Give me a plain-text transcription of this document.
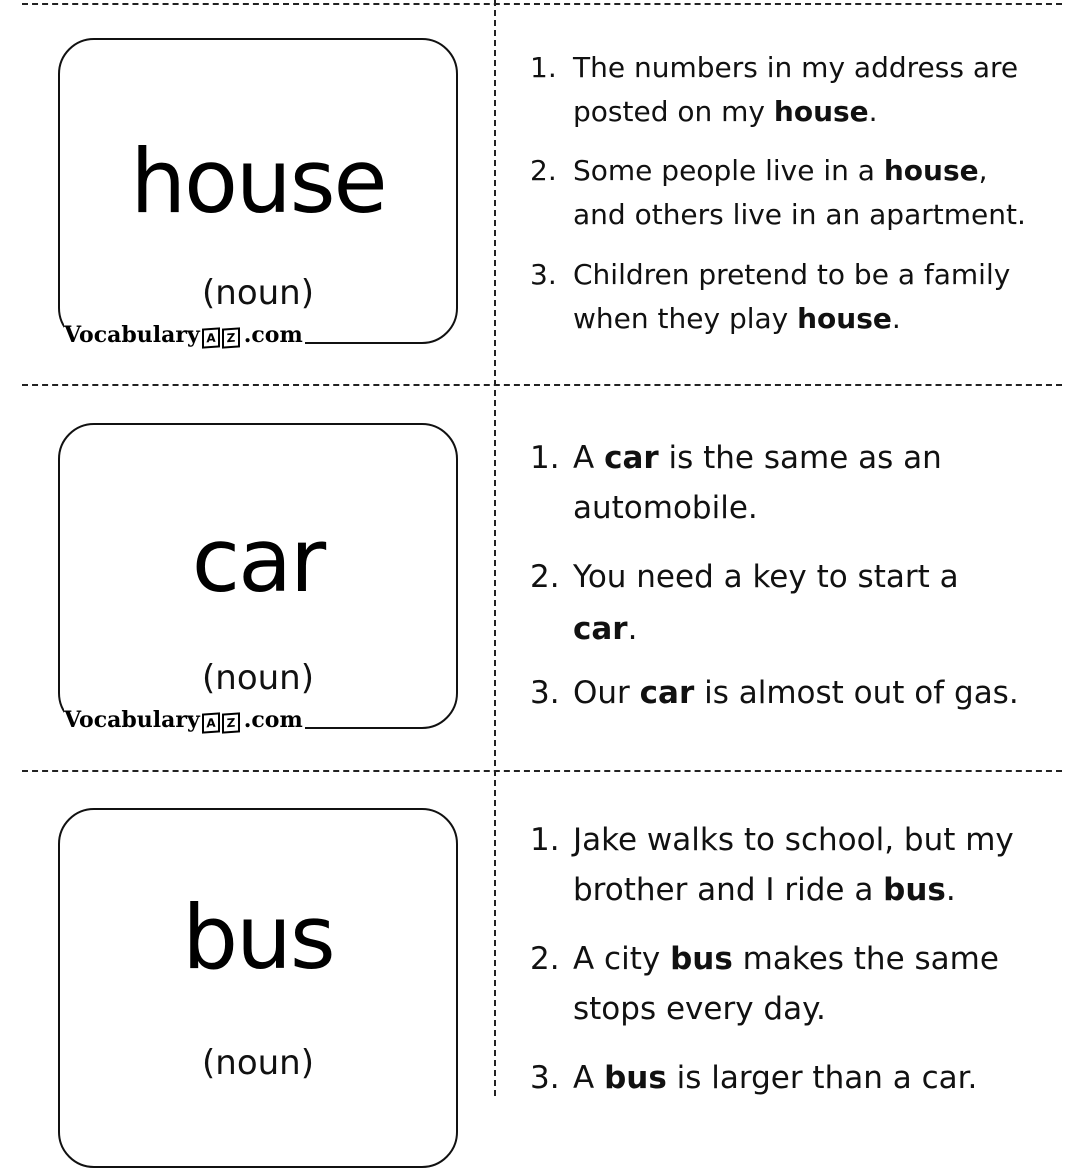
house
(noun)
Vocabulary A Z .com
1. The numbers in my address are posted on my house.
2. Some people live in a house, and others live in an apartment.
3. Children pretend to be a family when they play house.
car
(noun)
Vocabulary A Z .com
1. A car is the same as an automobile.
2. You need a key to start a car.
3. Our car is almost out of gas.
bus
(noun)
1. Jake walks to school, but my brother and I ride a bus.
2. A city bus makes the same stops every day.
3. A bus is larger than a car.
